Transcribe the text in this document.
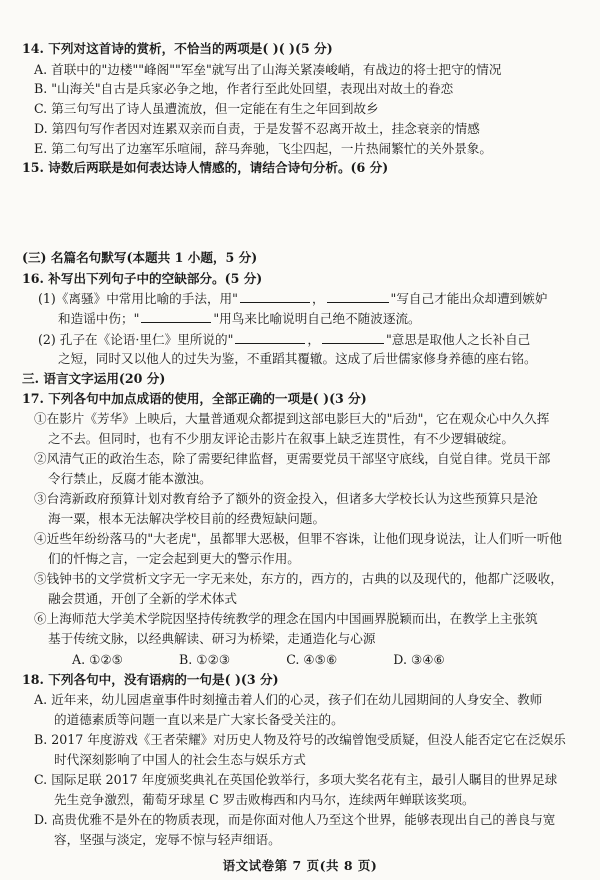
14. 下列对这首诗的赏析，不恰当的两项是( )( )(5 分)
A. 首联中的"边楼""峰阁""军垒"就写出了山海关紧凑峻峭，有战边的将士把守的情况
B. "山海关"自古是兵家必争之地，作者行至此处回望，表现出对故土的眷恋
C. 第三句写出了诗人虽遭流放，但一定能在有生之年回到故乡
D. 第四句写作者因对连累双亲而自责，于是发誓不忍离开故土，挂念衰亲的情感
E. 第二句写出了边塞军乐喧闹，辞马奔驰，飞尘四起，一片热闹繁忙的关外景象。
15. 诗数后两联是如何表达诗人情感的，请结合诗句分析。(6 分)
(三) 名篇名句默写(本题共 1 小题，5 分)
16. 补写出下列句子中的空缺部分。(5 分)
(1)《离骚》中常用比喻的手法，用"	，	"写自己才能出众却遭到嫉妒
和造谣中伤；"	"用鸟来比喻说明自己绝不随波逐流。
(2) 孔子在《论语·里仁》里所说的"	，	"意思是取他人之长补自己
之短，同时又以他人的过失为鉴，不重蹈其覆辙。这成了后世儒家修身养德的座右铭。
三. 语言文字运用(20 分)
17. 下列各句中加点成语的使用，全部正确的一项是( )(3 分)
①在影片《芳华》上映后，大量普通观众都提到这部电影巨大的"后劲"，它在观众心中久久挥
之不去。但同时，也有不少朋友评论击影片在叙事上缺乏连贯性，有不少逻辑破绽。
②风清气正的政治生态，除了需要纪律监督，更需要党员干部坚守底线，自觉自律。党员干部
令行禁止，反腐才能本激浊。
③台湾新政府预算计划对教育给予了额外的资金投入，但诸多大学校长认为这些预算只是沧
海一粟，根本无法解决学校目前的经费短缺问题。
④近些年纷纷落马的"大老虎"，虽都罪大恶极，但罪不容诛，让他们现身说法，让人们听一听他
们的忏悔之言，一定会起到更大的警示作用。
⑤钱钟书的文学赏析文字无一字无来处，东方的，西方的，古典的以及现代的，他都广泛吸收，
融会贯通，开创了全新的学术体式
⑥上海师范大学美术学院因坚持传统教学的理念在国内中国画界脱颖而出，在教学上主张筑
基于传统文脉，以经典解读、研习为桥梁，走通造化与心源
A. ①②⑤              B. ①②③              C. ④⑤⑥              D. ③④⑥
18. 下列各句中，没有语病的一句是( )(3 分)
A. 近年来，幼儿园虐童事件时刻撞击着人们的心灵，孩子们在幼儿园期间的人身安全、教师
的道德素质等问题一直以来是广大家长备受关注的。
B. 2017 年度游戏《王者荣耀》对历史人物及符号的改编曾饱受质疑，但没人能否定它在泛娱乐
时代深刻影响了中国人的社会生态与娱乐方式
C. 国际足联 2017 年度颁奖典礼在英国伦敦举行，多项大奖名花有主，最引人瞩目的世界足球
先生竞争激烈，葡萄牙球星 C 罗击败梅西和内马尔，连续两年蝉联该奖项。
D. 高贵优雅不是外在的物质表现，而是你面对他人乃至这个世界，能够表现出自己的善良与宽
容，坚强与淡定，宠辱不惊与轻声细语。
语文试卷第 7 页(共 8 页)
